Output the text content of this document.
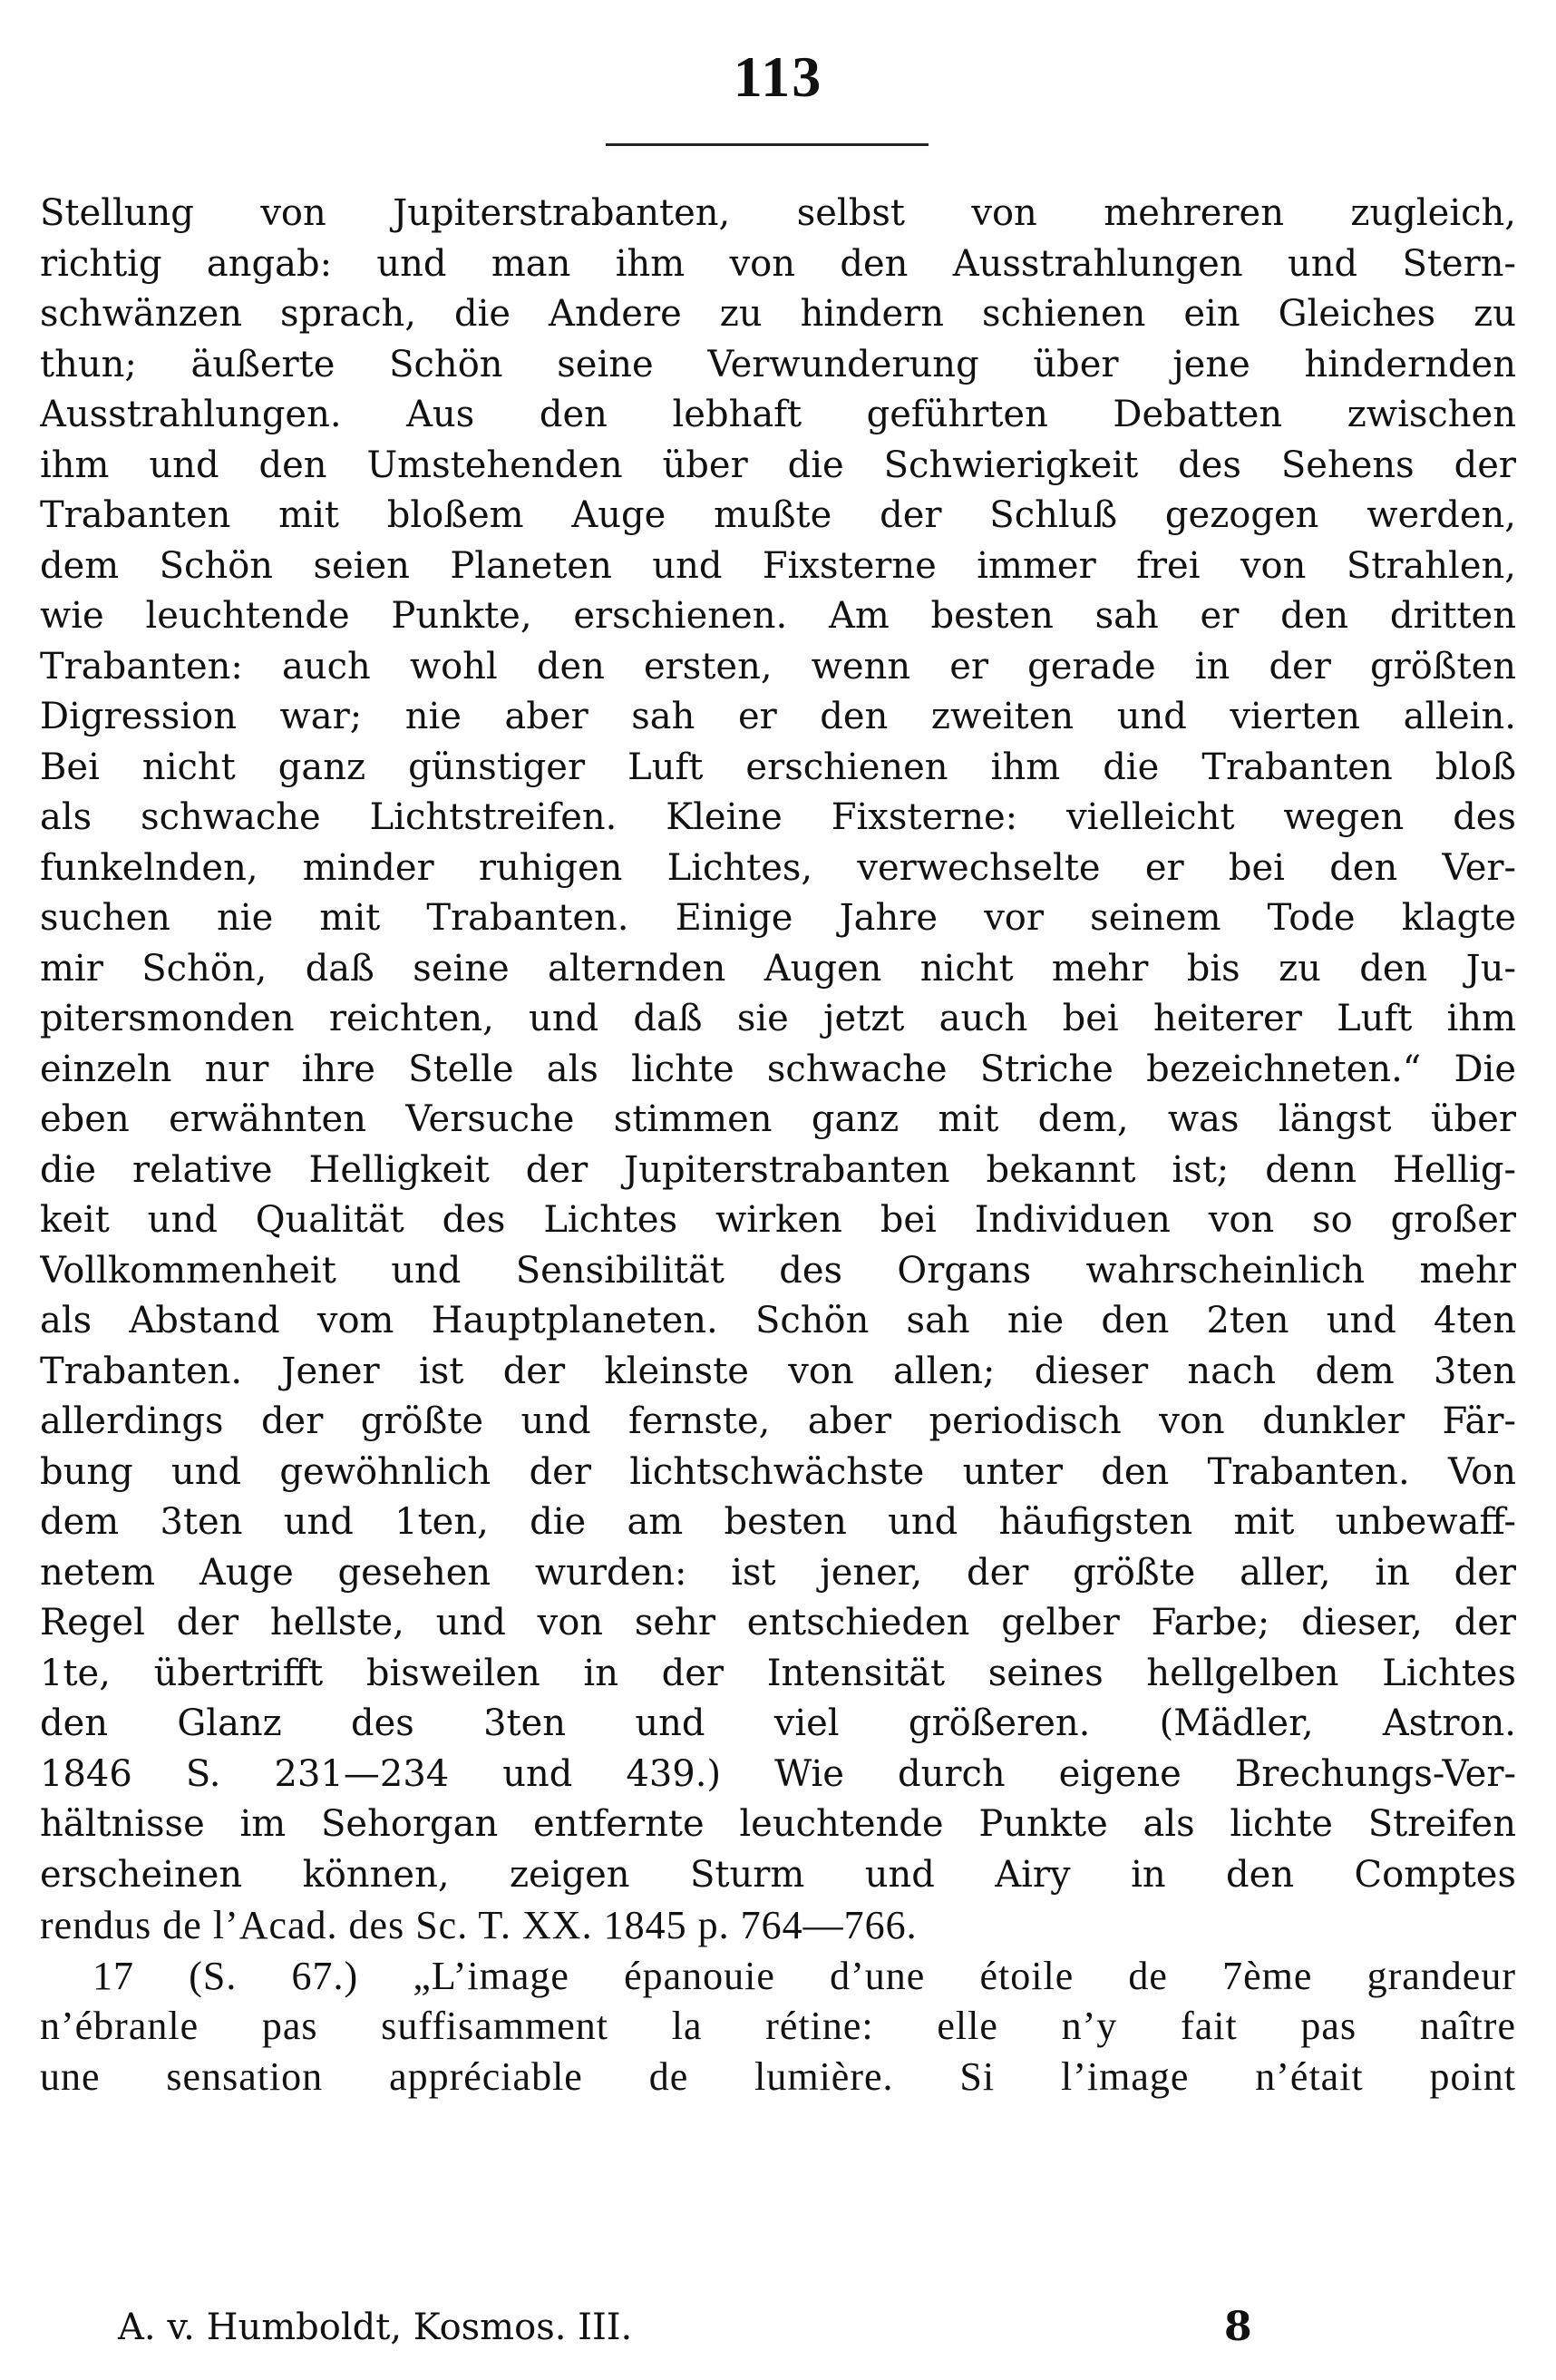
113
Stellung von Jupiterstrabanten, selbst von mehreren zugleich,
richtig angab: und man ihm von den Ausstrahlungen und Stern-
schwänzen sprach, die Andere zu hindern schienen ein Gleiches zu
thun; äußerte Schön seine Verwunderung über jene hindernden
Ausstrahlungen. Aus den lebhaft geführten Debatten zwischen
ihm und den Umstehenden über die Schwierigkeit des Sehens der
Trabanten mit bloßem Auge mußte der Schluß gezogen werden,
dem Schön seien Planeten und Fixsterne immer frei von Strahlen,
wie leuchtende Punkte, erschienen. Am besten sah er den dritten
Trabanten: auch wohl den ersten, wenn er gerade in der größten
Digression war; nie aber sah er den zweiten und vierten allein.
Bei nicht ganz günstiger Luft erschienen ihm die Trabanten bloß
als schwache Lichtstreifen. Kleine Fixsterne: vielleicht wegen des
funkelnden, minder ruhigen Lichtes, verwechselte er bei den Ver-
suchen nie mit Trabanten. Einige Jahre vor seinem Tode klagte
mir Schön, daß seine alternden Augen nicht mehr bis zu den Ju-
pitersmonden reichten, und daß sie jetzt auch bei heiterer Luft ihm
einzeln nur ihre Stelle als lichte schwache Striche bezeichneten.“ Die
eben erwähnten Versuche stimmen ganz mit dem, was längst über
die relative Helligkeit der Jupiterstrabanten bekannt ist; denn Hellig-
keit und Qualität des Lichtes wirken bei Individuen von so großer
Vollkommenheit und Sensibilität des Organs wahrscheinlich mehr
als Abstand vom Hauptplaneten. Schön sah nie den 2ten und 4ten
Trabanten. Jener ist der kleinste von allen; dieser nach dem 3ten
allerdings der größte und fernste, aber periodisch von dunkler Fär-
bung und gewöhnlich der lichtschwächste unter den Trabanten. Von
dem 3ten und 1ten, die am besten und häufigsten mit unbewaff-
netem Auge gesehen wurden: ist jener, der größte aller, in der
Regel der hellste, und von sehr entschieden gelber Farbe; dieser, der
1te, übertrifft bisweilen in der Intensität seines hellgelben Lichtes
den Glanz des 3ten und viel größeren. (Mädler, Astron.
1846 S. 231—234 und 439.) Wie durch eigene Brechungs-Ver-
hältnisse im Sehorgan entfernte leuchtende Punkte als lichte Streifen
erscheinen können, zeigen Sturm und Airy in den Comptes
rendus de l’Acad. des Sc. T. XX. 1845 p. 764—766.
17 (S. 67.) „L’image épanouie d’une étoile de 7ème grandeur
n’ébranle pas suffisamment la rétine: elle n’y fait pas naître
une sensation appréciable de lumière. Si l’image n’était point
A. v. Humboldt, Kosmos. III.	8
